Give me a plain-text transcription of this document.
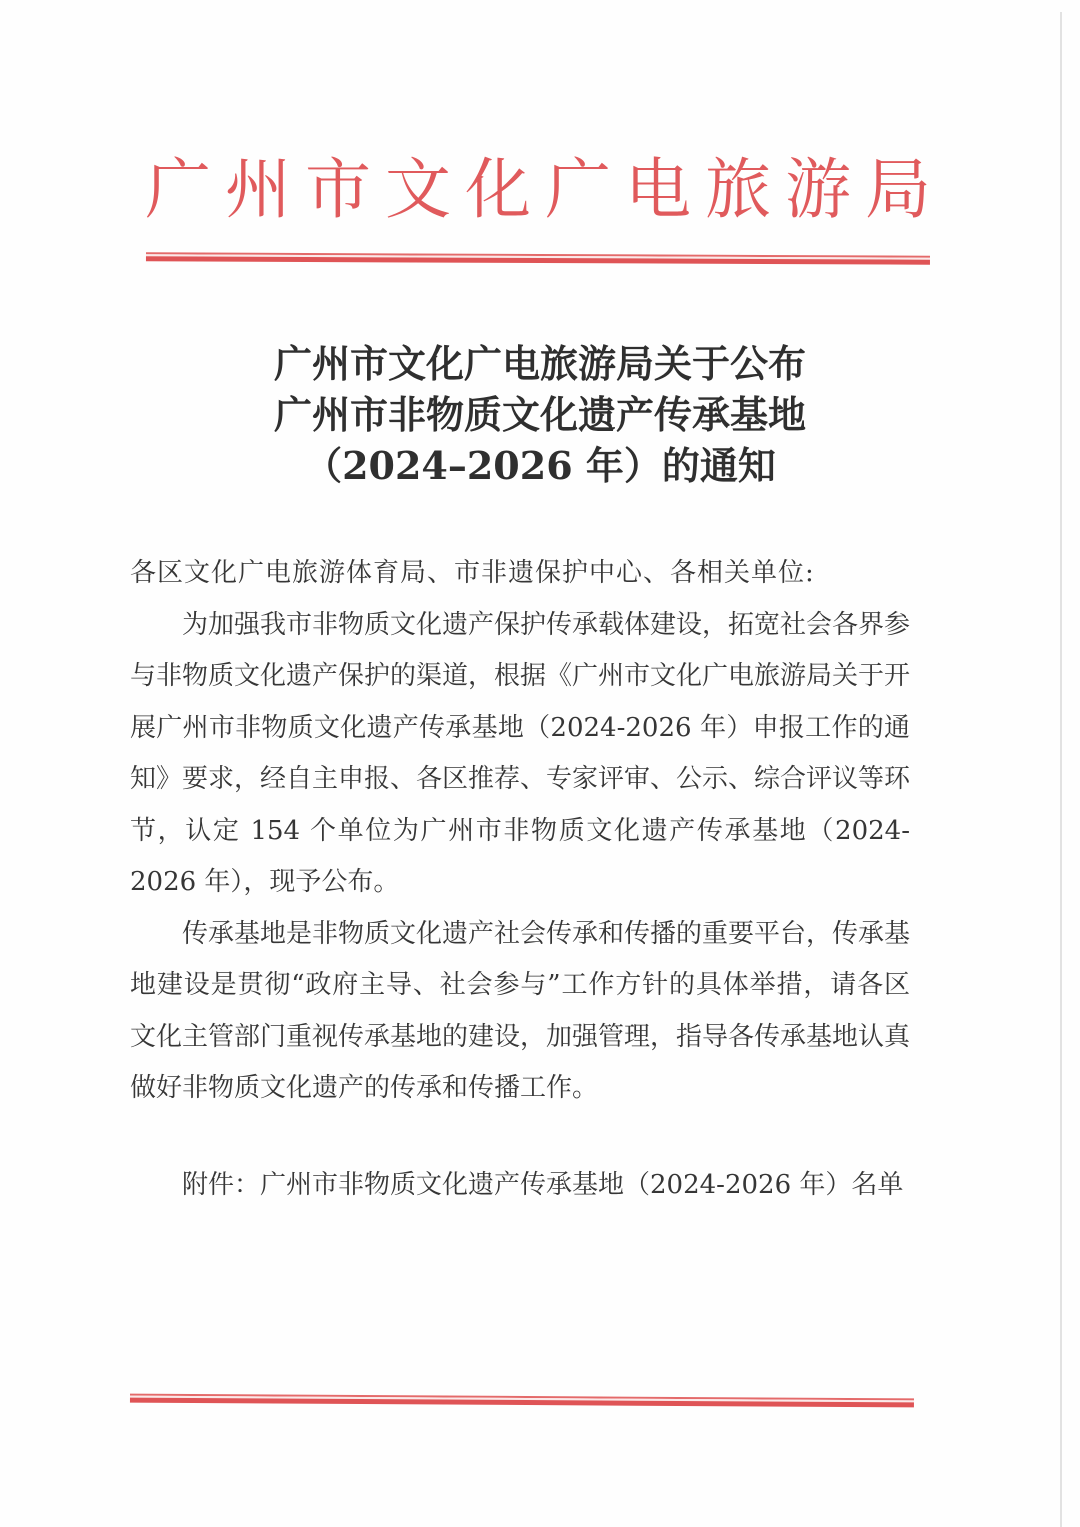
广州市文化广电旅游局
广州市文化广电旅游局关于公布
广州市非物质文化遗产传承基地
（2024–2026 年）的通知

各区文化广电旅游体育局、市非遗保护中心、各相关单位:

为加强我市非物质文化遗产保护传承载体建设，拓宽社会各界参与非物质文化遗产保护的渠道，根据《广州市文化广电旅游局关于开展广州市非物质文化遗产传承基地（2024-2026 年）申报工作的通知》要求，经自主申报、各区推荐、专家评审、公示、综合评议等环节，认定 154 个单位为广州市非物质文化遗产传承基地（2024-2026 年），现予公布。

传承基地是非物质文化遗产社会传承和传播的重要平台，传承基地建设是贯彻“政府主导、社会参与”工作方针的具体举措，请各区文化主管部门重视传承基地的建设，加强管理，指导各传承基地认真做好非物质文化遗产的传承和传播工作。

附件：广州市非物质文化遗产传承基地（2024-2026 年）名单
